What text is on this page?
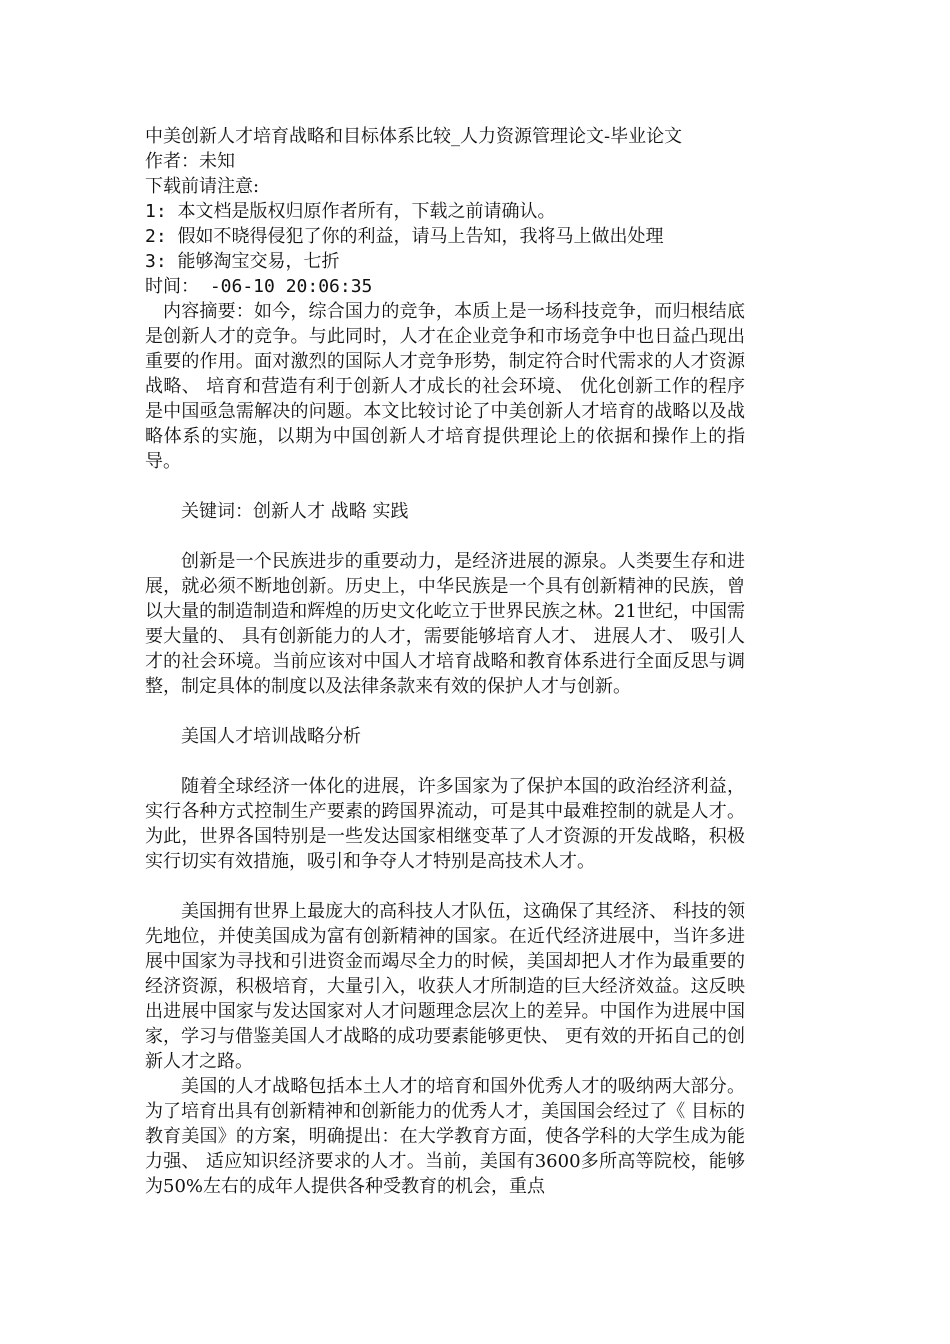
中美创新人才培育战略和目标体系比较_人力资源管理论文-毕业论文
作者：未知
下载前请注意:
1: 本文档是版权归原作者所有，下载之前请确认。
2: 假如不晓得侵犯了你的利益，请马上告知，我将马上做出处理
3: 能够淘宝交易，七折
时间： -06-10 20:06:35
内容摘要：如今，综合国力的竞争，本质上是一场科技竞争，而归根结底是创新人才的竞争。与此同时，人才在企业竞争和市场竞争中也日益凸现出重要的作用。面对激烈的国际人才竞争形势，制定符合时代需求的人才资源战略、 培育和营造有利于创新人才成长的社会环境、 优化创新工作的程序是中国亟急需解决的问题。本文比较讨论了中美创新人才培育的战略以及战略体系的实施，以期为中国创新人才培育提供理论上的依据和操作上的指导。
关键词：创新人才 战略 实践
创新是一个民族进步的重要动力，是经济进展的源泉。人类要生存和进展，就必须不断地创新。历史上，中华民族是一个具有创新精神的民族，曾以大量的制造制造和辉煌的历史文化屹立于世界民族之林。21世纪，中国需要大量的、 具有创新能力的人才，需要能够培育人才、 进展人才、 吸引人才的社会环境。当前应该对中国人才培育战略和教育体系进行全面反思与调整，制定具体的制度以及法律条款来有效的保护人才与创新。
美国人才培训战略分析
随着全球经济一体化的进展，许多国家为了保护本国的政治经济利益，实行各种方式控制生产要素的跨国界流动，可是其中最难控制的就是人才。为此，世界各国特别是一些发达国家相继变革了人才资源的开发战略，积极实行切实有效措施，吸引和争夺人才特别是高技术人才。
美国拥有世界上最庞大的高科技人才队伍，这确保了其经济、 科技的领先地位，并使美国成为富有创新精神的国家。在近代经济进展中，当许多进展中国家为寻找和引进资金而竭尽全力的时候，美国却把人才作为最重要的经济资源，积极培育，大量引入，收获人才所制造的巨大经济效益。这反映出进展中国家与发达国家对人才问题理念层次上的差异。中国作为进展中国家，学习与借鉴美国人才战略的成功要素能够更快、 更有效的开拓自己的创新人才之路。
美国的人才战略包括本土人才的培育和国外优秀人才的吸纳两大部分。为了培育出具有创新精神和创新能力的优秀人才，美国国会经过了《 目标的教育美国》的方案，明确提出：在大学教育方面，使各学科的大学生成为能力强、 适应知识经济要求的人才。当前，美国有3600多所高等院校，能够为50%左右的成年人提供各种受教育的机会，重点
